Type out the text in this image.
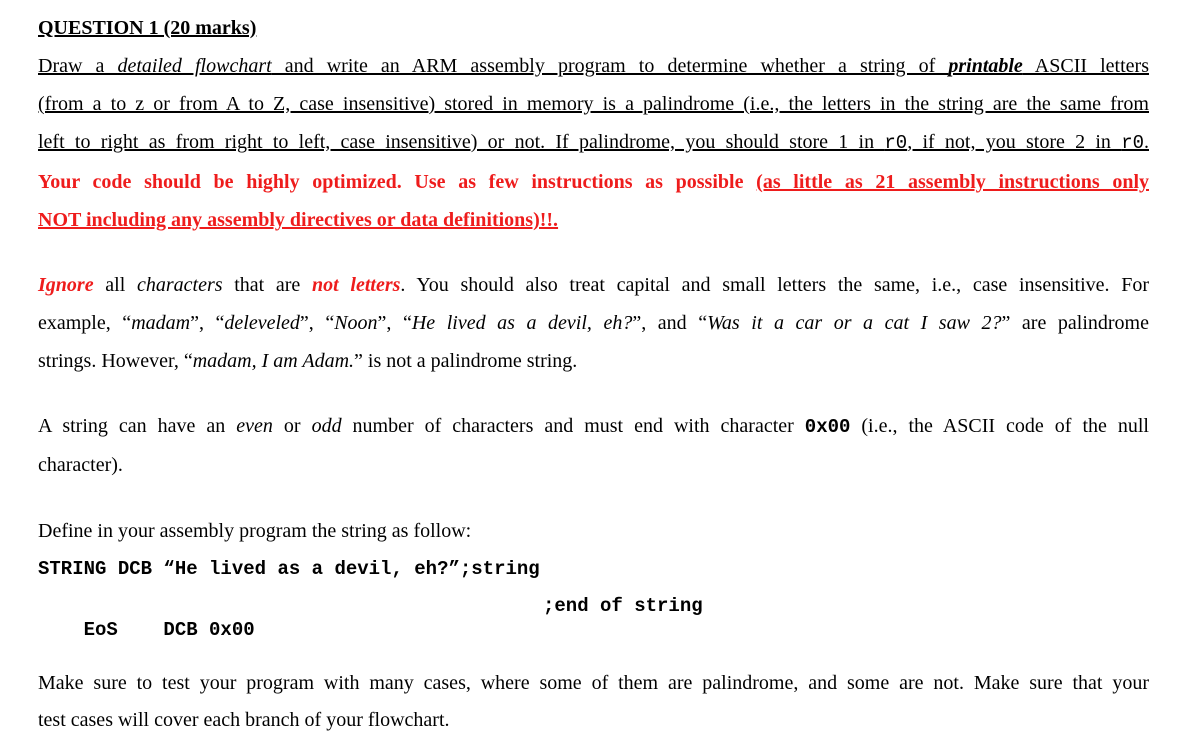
QUESTION 1 (20 marks)
Draw a detailed flowchart and write an ARM assembly program to determine whether a string of printable ASCII letters
(from a to z or from A to Z, case insensitive) stored in memory is a palindrome (i.e., the letters in the string are the same from
left to right as from right to left, case insensitive) or not. If palindrome, you should store 1 in r0, if not, you store 2 in r0.
Your code should be highly optimized. Use as few instructions as possible (as little as 21 assembly instructions only
NOT including any assembly directives or data definitions)!!.
Ignore all characters that are not letters. You should also treat capital and small letters the same, i.e., case insensitive. For
example, “madam”, “deleveled”, “Noon”, “He lived as a devil, eh?”, and “Was it a car or a cat I saw 2?” are palindrome
strings. However, “madam, I am Adam.” is not a palindrome string.
A string can have an even or odd number of characters and must end with character 0x00 (i.e., the ASCII code of the null
character).
Define in your assembly program the string as follow:
STRING DCB “He lived as a devil, eh?”;string

EoS    DCB 0x00
;end of string

Make sure to test your program with many cases, where some of them are palindrome, and some are not. Make sure that your
test cases will cover each branch of your flowchart.
